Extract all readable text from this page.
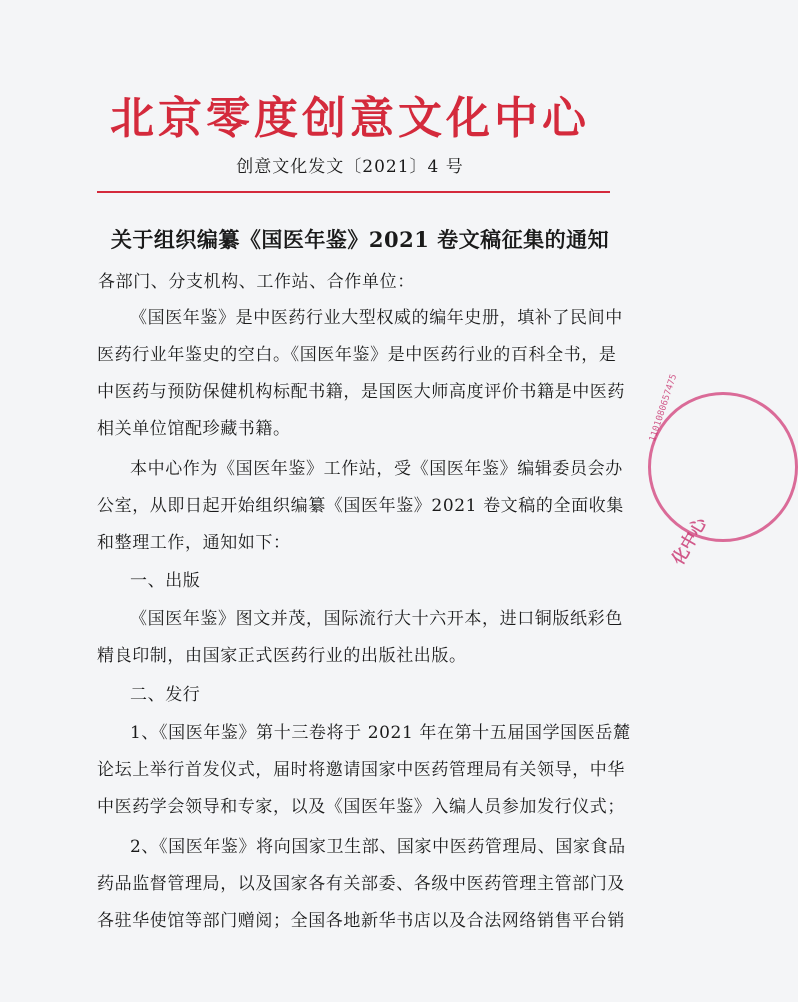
北京零度创意文化中心
创意文化发文〔2021〕4 号
关于组织编纂《国医年鉴》2021 卷文稿征集的通知
各部门、分支机构、工作站、合作单位：
《国医年鉴》是中医药行业大型权威的编年史册，填补了民间中
医药行业年鉴史的空白。《国医年鉴》是中医药行业的百科全书，是
中医药与预防保健机构标配书籍，是国医大师高度评价书籍是中医药
相关单位馆配珍藏书籍。
本中心作为《国医年鉴》工作站，受《国医年鉴》编辑委员会办
公室，从即日起开始组织编纂《国医年鉴》2021 卷文稿的全面收集
和整理工作，通知如下：
一、出版
《国医年鉴》图文并茂，国际流行大十六开本，进口铜版纸彩色
精良印制，由国家正式医药行业的出版社出版。
二、发行
1、《国医年鉴》第十三卷将于 2021 年在第十五届国学国医岳麓
论坛上举行首发仪式，届时将邀请国家中医药管理局有关领导，中华
中医药学会领导和专家，以及《国医年鉴》入编人员参加发行仪式；
2、《国医年鉴》将向国家卫生部、国家中医药管理局、国家食品
药品监督管理局，以及国家各有关部委、各级中医药管理主管部门及
各驻华使馆等部门赠阅；全国各地新华书店以及合法网络销售平台销
1101080657475
化中心
